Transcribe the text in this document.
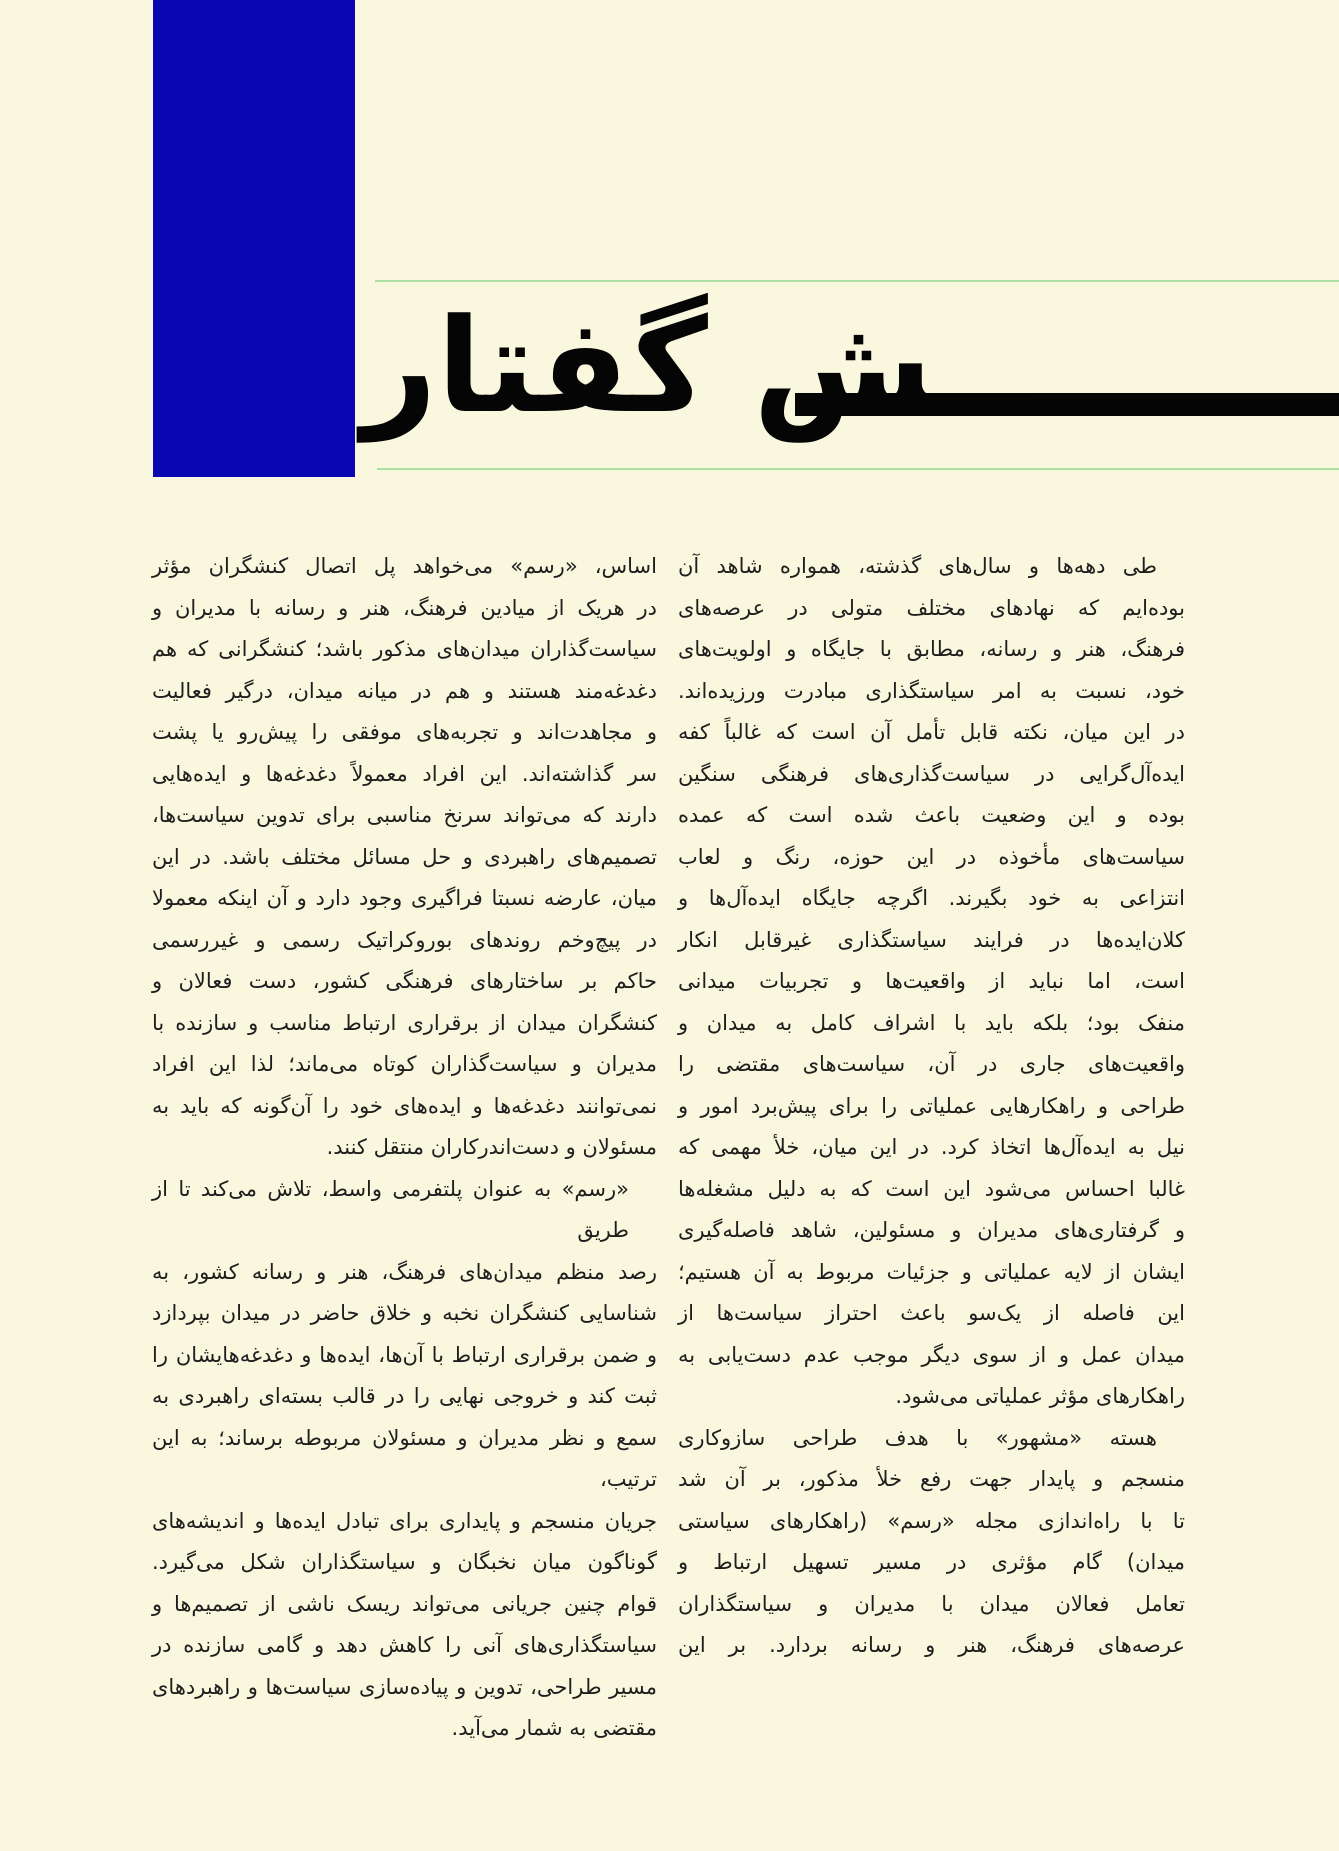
ــش گفتار
طی دهه‌ها و سال‌های گذشته، همواره شاهد آن
بوده‌ایم که نهادهای مختلف متولی در عرصه‌های
فرهنگ، هنر و رسانه، مطابق با جایگاه و اولویت‌های
خود، نسبت به امر سیاستگذاری مبادرت ورزیده‌اند.
در این میان، نکته قابل تأمل آن است که غالباً کفه
ایده‌آل‌گرایی در سیاست‌گذاری‌های فرهنگی سنگین
بوده و این وضعیت باعث شده است که عمده
سیاست‌های مأخوذه در این حوزه، رنگ و لعاب
انتزاعی به خود بگیرند. اگرچه جایگاه ایده‌آل‌ها و
کلان‌ایده‌ها در فرایند سیاستگذاری غیرقابل انکار
است، اما نباید از واقعیت‌ها و تجربیات میدانی
منفک بود؛ بلکه باید با اشراف کامل به میدان و
واقعیت‌های جاری در آن، سیاست‌های مقتضی را
طراحی و راهکارهایی عملیاتی را برای پیش‌برد امور و
نیل به ایده‌آل‌ها اتخاذ کرد. در این میان، خلأ مهمی که
غالبا احساس می‌شود این است که به دلیل مشغله‌ها
و گرفتاری‌های مدیران و مسئولین، شاهد فاصله‌گیری
ایشان از لایه عملیاتی و جزئیات مربوط به آن هستیم؛
این فاصله از یک‌سو باعث احتراز سیاست‌ها از
میدان عمل و از سوی دیگر موجب عدم دست‌یابی به
راهکارهای مؤثر عملیاتی می‌شود.
هسته «مشهور» با هدف طراحی سازوکاری
منسجم و پایدار جهت رفع خلأ مذکور، بر آن شد
تا با راه‌اندازی مجله «رسم» (راهکارهای سیاستی
میدان) گام مؤثری در مسیر تسهیل ارتباط و
تعامل فعالان میدان با مدیران و سیاستگذاران
عرصه‌های فرهنگ، هنر و رسانه بردارد. بر این
اساس، «رسم» می‌خواهد پل اتصال کنشگران مؤثر
در هریک از میادین فرهنگ، هنر و رسانه با مدیران و
سیاست‌گذاران میدان‌های مذکور باشد؛ کنشگرانی که هم
دغدغه‌مند هستند و هم در میانه میدان، درگیر فعالیت
و مجاهدت‌اند و تجربه‌های موفقی را پیش‌رو یا پشت
سر گذاشته‌اند. این افراد معمولاً دغدغه‌ها و ایده‌هایی
دارند که می‌تواند سرنخ مناسبی برای تدوین سیاست‌ها،
تصمیم‌های راهبردی و حل مسائل مختلف باشد. در این
میان، عارضه نسبتا فراگیری وجود دارد و آن اینکه معمولا
در پیچ‌وخم روندهای بوروکراتیک رسمی و غیررسمی
حاکم بر ساختارهای فرهنگی کشور، دست فعالان و
کنشگران میدان از برقراری ارتباط مناسب و سازنده با
مدیران و سیاست‌گذاران کوتاه می‌ماند؛ لذا این افراد
نمی‌توانند دغدغه‌ها و ایده‌های خود را آن‌گونه که باید به
مسئولان و دست‌اندرکاران منتقل کنند.
«رسم» به عنوان پلتفرمی واسط، تلاش می‌کند تا از طریق
رصد منظم میدان‌های فرهنگ، هنر و رسانه کشور، به
شناسایی کنشگران نخبه و خلاق حاضر در میدان بپردازد
و ضمن برقراری ارتباط با آن‌ها، ایده‌ها و دغدغه‌هایشان را
ثبت کند و خروجی نهایی را در قالب بسته‌ای راهبردی به
سمع و نظر مدیران و مسئولان مربوطه برساند؛ به این ترتیب،
جریان منسجم و پایداری برای تبادل ایده‌ها و اندیشه‌های
گوناگون میان نخبگان و سیاستگذاران شکل می‌گیرد.
قوام چنین جریانی می‌تواند ریسک ناشی از تصمیم‌ها و
سیاستگذاری‌های آنی را کاهش دهد و گامی سازنده در
مسیر طراحی، تدوین و پیاده‌سازی سیاست‌ها و راهبردهای
مقتضی به شمار می‌آید.
